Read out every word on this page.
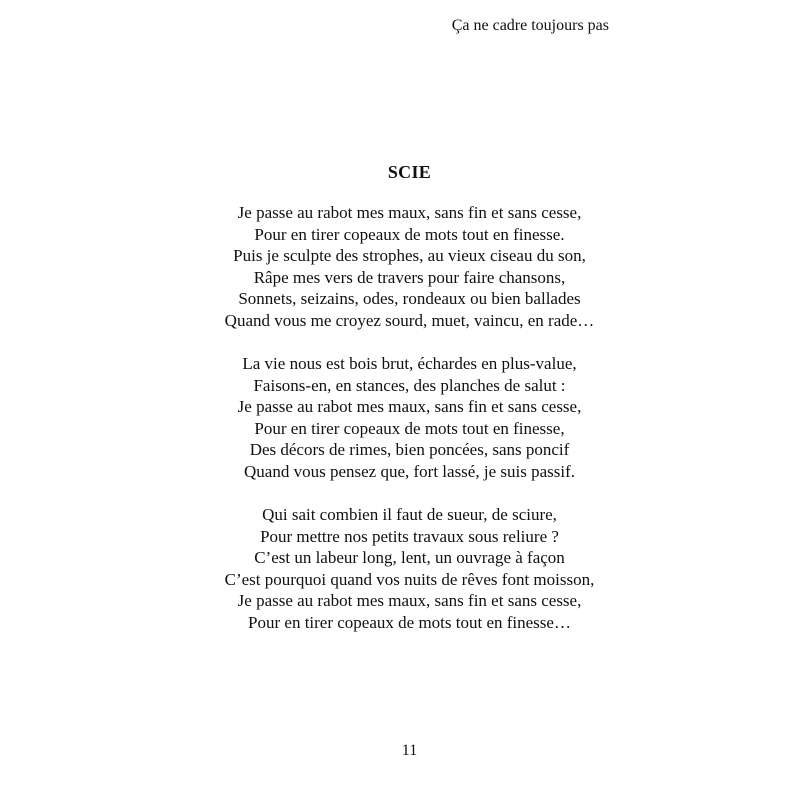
Ça ne cadre toujours pas
SCIE
Je passe au rabot mes maux, sans fin et sans cesse,
Pour en tirer copeaux de mots tout en finesse.
Puis je sculpte des strophes, au vieux ciseau du son,
Râpe mes vers de travers pour faire chansons,
Sonnets, seizains, odes, rondeaux ou bien ballades
Quand vous me croyez sourd, muet, vaincu, en rade…
La vie nous est bois brut, échardes en plus-value,
Faisons-en, en stances, des planches de salut :
Je passe au rabot mes maux, sans fin et sans cesse,
Pour en tirer copeaux de mots tout en finesse,
Des décors de rimes, bien poncées, sans poncif
Quand vous pensez que, fort lassé, je suis passif.
Qui sait combien il faut de sueur, de sciure,
Pour mettre nos petits travaux sous reliure ?
C’est un labeur long, lent, un ouvrage à façon
C’est pourquoi quand vos nuits de rêves font moisson,
Je passe au rabot mes maux, sans fin et sans cesse,
Pour en tirer copeaux de mots tout en finesse…
11
